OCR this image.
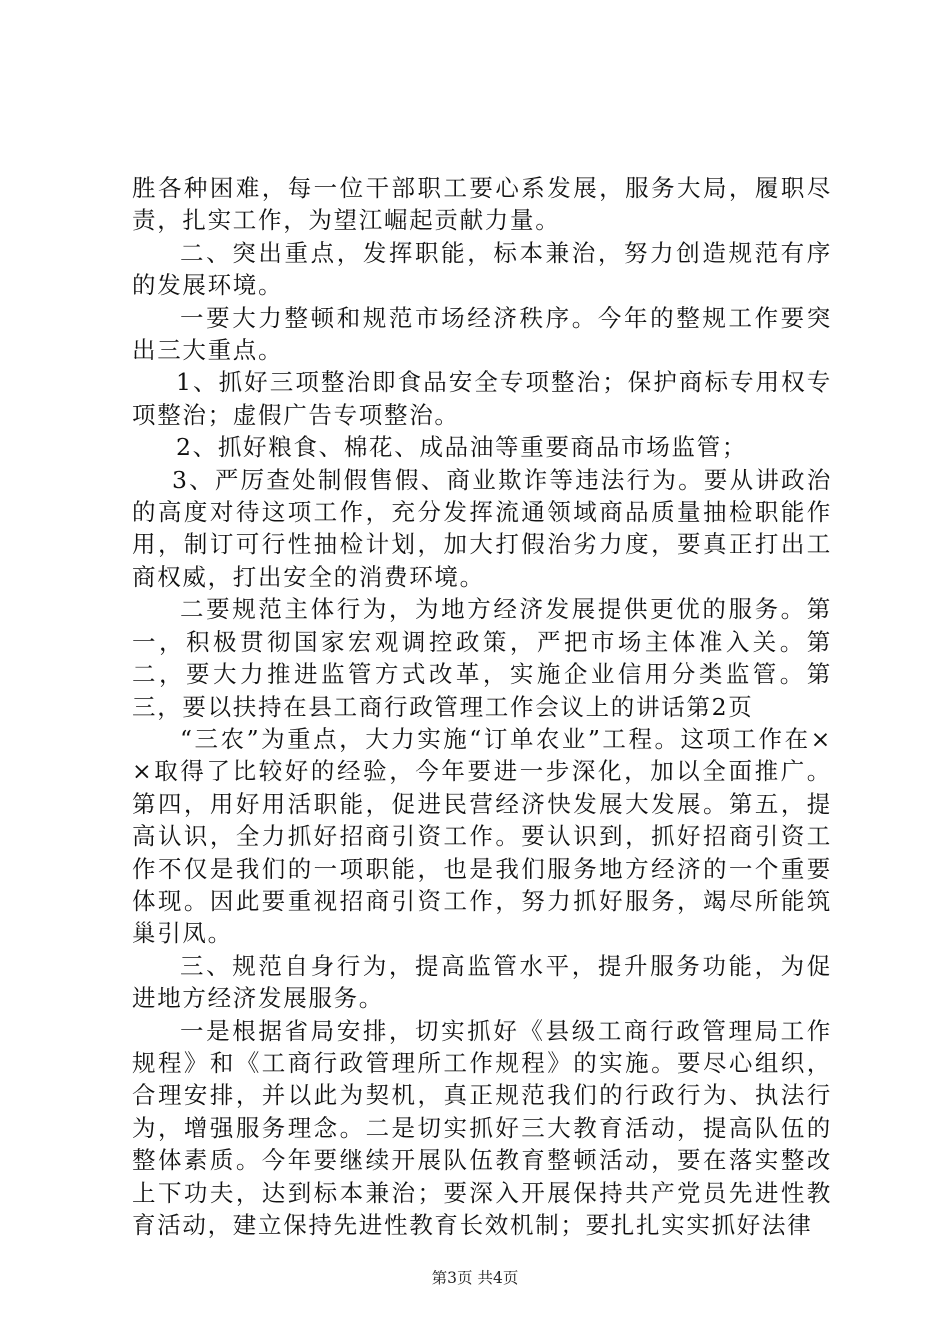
胜各种困难，每一位干部职工要心系发展，服务大局，履职尽责，扎实工作，为望江崛起贡献力量。

二、突出重点，发挥职能，标本兼治，努力创造规范有序的发展环境。

一要大力整顿和规范市场经济秩序。今年的整规工作要突出三大重点。

1、抓好三项整治即食品安全专项整治；保护商标专用权专项整治；虚假广告专项整治。

2、抓好粮食、棉花、成品油等重要商品市场监管；

3、严厉查处制假售假、商业欺诈等违法行为。要从讲政治的高度对待这项工作，充分发挥流通领域商品质量抽检职能作用，制订可行性抽检计划，加大打假治劣力度，要真正打出工商权威，打出安全的消费环境。

二要规范主体行为，为地方经济发展提供更优的服务。第一，积极贯彻国家宏观调控政策，严把市场主体准入关。第二，要大力推进监管方式改革，实施企业信用分类监管。第三，要以扶持在县工商行政管理工作会议上的讲话第2页

“三农”为重点，大力实施“订单农业”工程。这项工作在××取得了比较好的经验，今年要进一步深化，加以全面推广。第四，用好用活职能，促进民营经济快发展大发展。第五，提高认识，全力抓好招商引资工作。要认识到，抓好招商引资工作不仅是我们的一项职能，也是我们服务地方经济的一个重要体现。因此要重视招商引资工作，努力抓好服务，竭尽所能筑巢引凤。

三、规范自身行为，提高监管水平，提升服务功能，为促进地方经济发展服务。

一是根据省局安排，切实抓好《县级工商行政管理局工作规程》和《工商行政管理所工作规程》的实施。要尽心组织，合理安排，并以此为契机，真正规范我们的行政行为、执法行为，增强服务理念。二是切实抓好三大教育活动，提高队伍的整体素质。今年要继续开展队伍教育整顿活动，要在落实整改上下功夫，达到标本兼治；要深入开展保持共产党员先进性教育活动，建立保持先进性教育长效机制；要扎扎实实抓好法律

第3页 共4页
